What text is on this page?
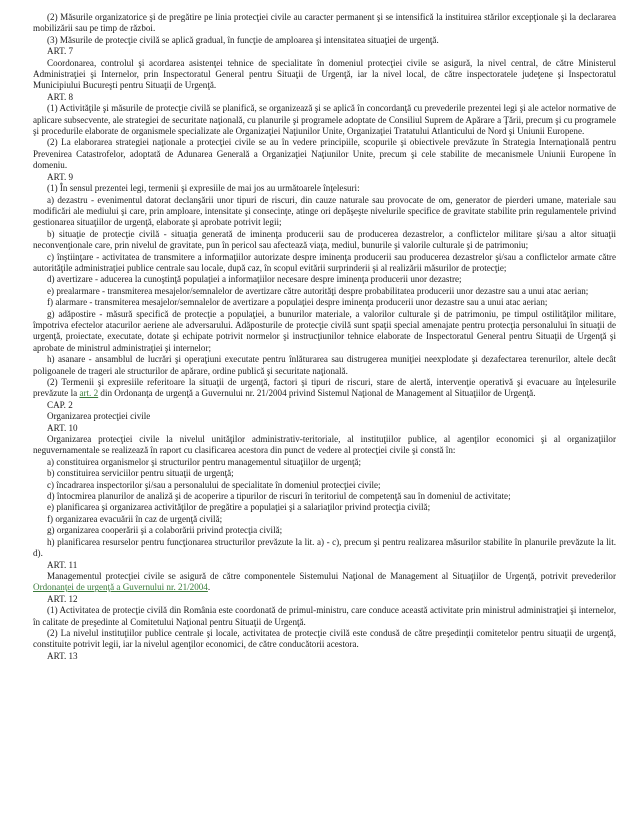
(2) Măsurile organizatorice şi de pregătire pe linia protecţiei civile au caracter permanent şi se intensifică la instituirea stărilor excepţionale şi la declararea mobilizării sau pe timp de război.

(3) Măsurile de protecţie civilă se aplică gradual, în funcţie de amploarea şi intensitatea situaţiei de urgenţă.

ART. 7

Coordonarea, controlul şi acordarea asistenţei tehnice de specialitate în domeniul protecţiei civile se asigură, la nivel central, de către Ministerul Administraţiei şi Internelor, prin Inspectoratul General pentru Situaţii de Urgenţă, iar la nivel local, de către inspectoratele judeţene şi Inspectoratul Municipiului Bucureşti pentru Situaţii de Urgenţă.

ART. 8

(1) Activităţile şi măsurile de protecţie civilă se planifică, se organizează şi se aplică în concordanţă cu prevederile prezentei legi şi ale actelor normative de aplicare subsecvente, ale strategiei de securitate naţională, cu planurile şi programele adoptate de Consiliul Suprem de Apărare a Ţării, precum şi cu programele şi procedurile elaborate de organismele specializate ale Organizaţiei Naţiunilor Unite, Organizaţiei Tratatului Atlanticului de Nord şi Uniunii Europene.

(2) La elaborarea strategiei naţionale a protecţiei civile se au în vedere principiile, scopurile şi obiectivele prevăzute în Strategia Internaţională pentru Prevenirea Catastrofelor, adoptată de Adunarea Generală a Organizaţiei Naţiunilor Unite, precum şi cele stabilite de mecanismele Uniunii Europene în domeniu.

ART. 9

(1) În sensul prezentei legi, termenii şi expresiile de mai jos au următoarele înţelesuri:

a) dezastru - evenimentul datorat declanşării unor tipuri de riscuri, din cauze naturale sau provocate de om, generator de pierderi umane, materiale sau modificări ale mediului şi care, prin amploare, intensitate şi consecinţe, atinge ori depăşeşte nivelurile specifice de gravitate stabilite prin regulamentele privind gestionarea situaţiilor de urgenţă, elaborate şi aprobate potrivit legii;

b) situaţie de protecţie civilă - situaţia generată de iminenţa producerii sau de producerea dezastrelor, a conflictelor militare şi/sau a altor situaţii neconvenţionale care, prin nivelul de gravitate, pun în pericol sau afectează viaţa, mediul, bunurile şi valorile culturale şi de patrimoniu;

c) înştiinţare - activitatea de transmitere a informaţiilor autorizate despre iminenţa producerii sau producerea dezastrelor şi/sau a conflictelor armate către autorităţile administraţiei publice centrale sau locale, după caz, în scopul evitării surprinderii şi al realizării măsurilor de protecţie;

d) avertizare - aducerea la cunoştinţă populaţiei a informaţiilor necesare despre iminenţa producerii unor dezastre;

e) prealarmare - transmiterea mesajelor/semnalelor de avertizare către autorităţi despre probabilitatea producerii unor dezastre sau a unui atac aerian;

f) alarmare - transmiterea mesajelor/semnalelor de avertizare a populaţiei despre iminenţa producerii unor dezastre sau a unui atac aerian;

g) adăpostire - măsură specifică de protecţie a populaţiei, a bunurilor materiale, a valorilor culturale şi de patrimoniu, pe timpul ostilităţilor militare, împotriva efectelor atacurilor aeriene ale adversarului. Adăposturile de protecţie civilă sunt spaţii special amenajate pentru protecţia personalului în situaţii de urgenţă, proiectate, executate, dotate şi echipate potrivit normelor şi instrucţiunilor tehnice elaborate de Inspectoratul General pentru Situaţii de Urgenţă şi aprobate de ministrul administraţiei şi internelor;

h) asanare - ansamblul de lucrări şi operaţiuni executate pentru înlăturarea sau distrugerea muniţiei neexplodate şi dezafectarea terenurilor, altele decât poligoanele de trageri ale structurilor de apărare, ordine publică şi securitate naţională.

(2) Termenii şi expresiile referitoare la situaţii de urgenţă, factori şi tipuri de riscuri, stare de alertă, intervenţie operativă şi evacuare au înţelesurile prevăzute la art. 2 din Ordonanţa de urgenţă a Guvernului nr. 21/2004 privind Sistemul Naţional de Management al Situaţiilor de Urgenţă.

CAP. 2

Organizarea protecţiei civile

ART. 10

Organizarea protecţiei civile la nivelul unităţilor administrativ-teritoriale, al instituţiilor publice, al agenţilor economici şi al organizaţiilor neguvernamentale se realizează în raport cu clasificarea acestora din punct de vedere al protecţiei civile şi constă în:

a) constituirea organismelor şi structurilor pentru managementul situaţiilor de urgenţă;

b) constituirea serviciilor pentru situaţii de urgenţă;

c) încadrarea inspectorilor şi/sau a personalului de specialitate în domeniul protecţiei civile;

d) întocmirea planurilor de analiză şi de acoperire a tipurilor de riscuri în teritoriul de competenţă sau în domeniul de activitate;

e) planificarea şi organizarea activităţilor de pregătire a populaţiei şi a salariaţilor privind protecţia civilă;

f) organizarea evacuării în caz de urgenţă civilă;

g) organizarea cooperării şi a colaborării privind protecţia civilă;

h) planificarea resurselor pentru funcţionarea structurilor prevăzute la lit. a) - c), precum şi pentru realizarea măsurilor stabilite în planurile prevăzute la lit. d).

ART. 11

Managementul protecţiei civile se asigură de către componentele Sistemului Naţional de Management al Situaţiilor de Urgenţă, potrivit prevederilor Ordonanţei de urgenţă a Guvernului nr. 21/2004.

ART. 12

(1) Activitatea de protecţie civilă din România este coordonată de primul-ministru, care conduce această activitate prin ministrul administraţiei şi internelor, în calitate de preşedinte al Comitetului Naţional pentru Situaţii de Urgenţă.

(2) La nivelul instituţiilor publice centrale şi locale, activitatea de protecţie civilă este condusă de către preşedinţii comitetelor pentru situaţii de urgenţă, constituite potrivit legii, iar la nivelul agenţilor economici, de către conducătorii acestora.

ART. 13
